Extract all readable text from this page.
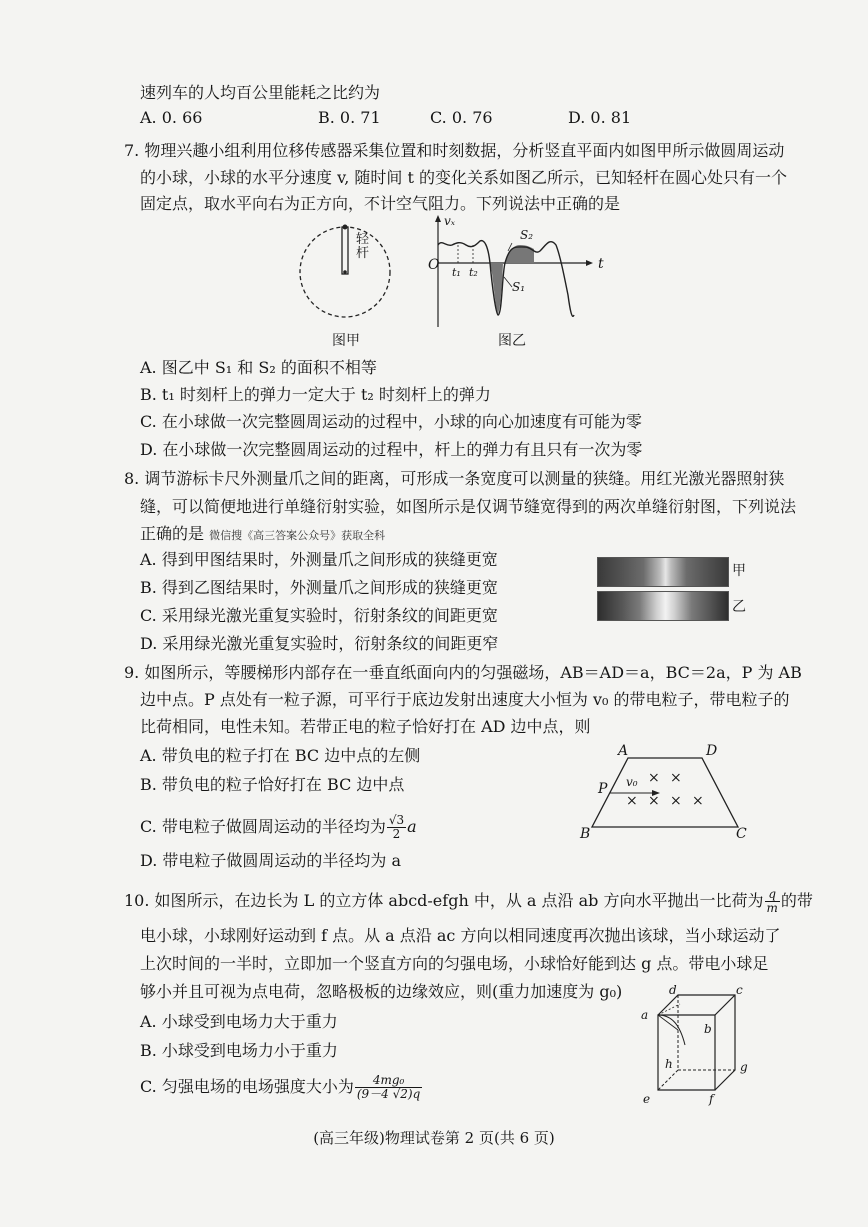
速列车的人均百公里能耗之比约为
A. 0. 66	B. 0. 71	C. 0. 76	D. 0. 81
7. 物理兴趣小组利用位移传感器采集位置和时刻数据，分析竖直平面内如图甲所示做圆周运动
的小球，小球的水平分速度 v, 随时间 t 的变化关系如图乙所示，已知轻杆在圆心处只有一个
固定点，取水平向右为正方向，不计空气阻力。下列说法中正确的是
轻杆
图甲
vₓ
t
O t₁ t₂
S₁
S₂
图乙
A. 图乙中 S₁ 和 S₂ 的面积不相等
B. t₁ 时刻杆上的弹力一定大于 t₂ 时刻杆上的弹力
C. 在小球做一次完整圆周运动的过程中，小球的向心加速度有可能为零
D. 在小球做一次完整圆周运动的过程中，杆上的弹力有且只有一次为零
8. 调节游标卡尺外测量爪之间的距离，可形成一条宽度可以测量的狭缝。用红光激光器照射狭
缝，可以简便地进行单缝衍射实验，如图所示是仅调节缝宽得到的两次单缝衍射图，下列说法
正确的是 微信搜《高三答案公众号》获取全科
A. 得到甲图结果时，外测量爪之间形成的狭缝更宽
B. 得到乙图结果时，外测量爪之间形成的狭缝更宽
C. 采用绿光激光重复实验时，衍射条纹的间距更宽
D. 采用绿光激光重复实验时，衍射条纹的间距更窄
甲
乙
9. 如图所示，等腰梯形内部存在一垂直纸面向内的匀强磁场，AB＝AD＝a，BC＝2a，P 为 AB
边中点。P 点处有一粒子源，可平行于底边发射出速度大小恒为 v₀ 的带电粒子，带电粒子的
比荷相同，电性未知。若带正电的粒子恰好打在 AD 边中点，则
A. 带负电的粒子打在 BC 边中点的左侧
B. 带负电的粒子恰好打在 BC 边中点
C. 带电粒子做圆周运动的半径均为 $\frac{√3}{2}$ a
D. 带电粒子做圆周运动的半径均为 a
A	D
B	C
P v₀ × ×
× × × ×
10. 如图所示，在边长为 L 的立方体 abcd-efgh 中，从 a 点沿 ab 方向水平抛出一比荷为 $\frac{q}{m}$ 的带
电小球，小球刚好运动到 f 点。从 a 点沿 ac 方向以相同速度再次抛出该球，当小球运动了
上次时间的一半时，立即加一个竖直方向的匀强电场，小球恰好能到达 g 点。带电小球足
够小并且可视为点电荷，忽略极板的边缘效应，则(重力加速度为 g₀)
A. 小球受到电场力大于重力
B. 小球受到电场力小于重力
C. 匀强电场的电场强度大小为 $\frac{\text{4mg₀}}{(9-4 √2)q}$
d	c
a
b
h	g
e	f
(高三年级)物理试卷第 2 页(共 6 页)
